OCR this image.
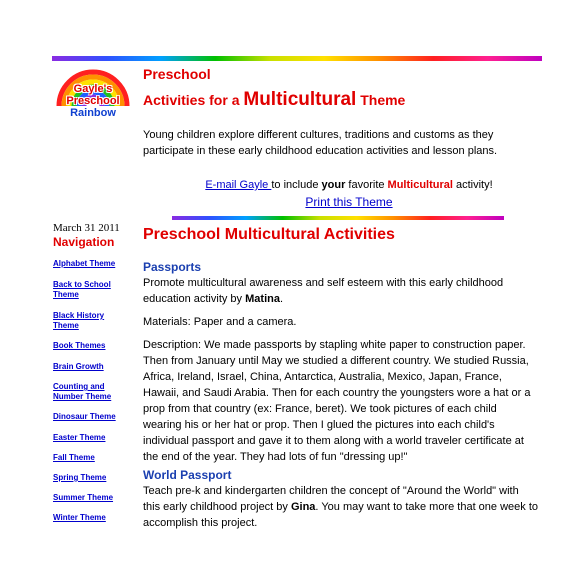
Gayle's
Preschool
Rainbow
Preschool
Activities for a Multicultural Theme
Young children explore different cultures, traditions and customs as they participate in these early childhood education activities and lesson plans.
E-mail Gayle to include your favorite Multicultural activity!
Print this Theme
March 31 2011
Navigation
Alphabet Theme
Back to School Theme
Black History Theme
Book Themes
Brain Growth
Counting and Number Theme
Dinosaur Theme
Easter Theme
Fall Theme
Spring Theme
Summer Theme
Winter Theme
Preschool Multicultural Activities
Passports
Promote multicultural awareness and self esteem with this early childhood education activity by Matina.
Materials: Paper and a camera.
Description: We made passports by stapling white paper to construction paper. Then from January until May we studied a different country. We studied Russia, Africa, Ireland, Israel, China, Antarctica, Australia, Mexico, Japan, France, Hawaii, and Saudi Arabia. Then for each country the youngsters wore a hat or a prop from that country (ex: France, beret). We took pictures of each child wearing his or her hat or prop. Then I glued the pictures into each child's individual passport and gave it to them along with a world traveler certificate at the end of the year. They had lots of fun "dressing up!"
World Passport
Teach pre-k and kindergarten children the concept of "Around the World" with this early childhood project by Gina. You may want to take more that one week to accomplish this project.
